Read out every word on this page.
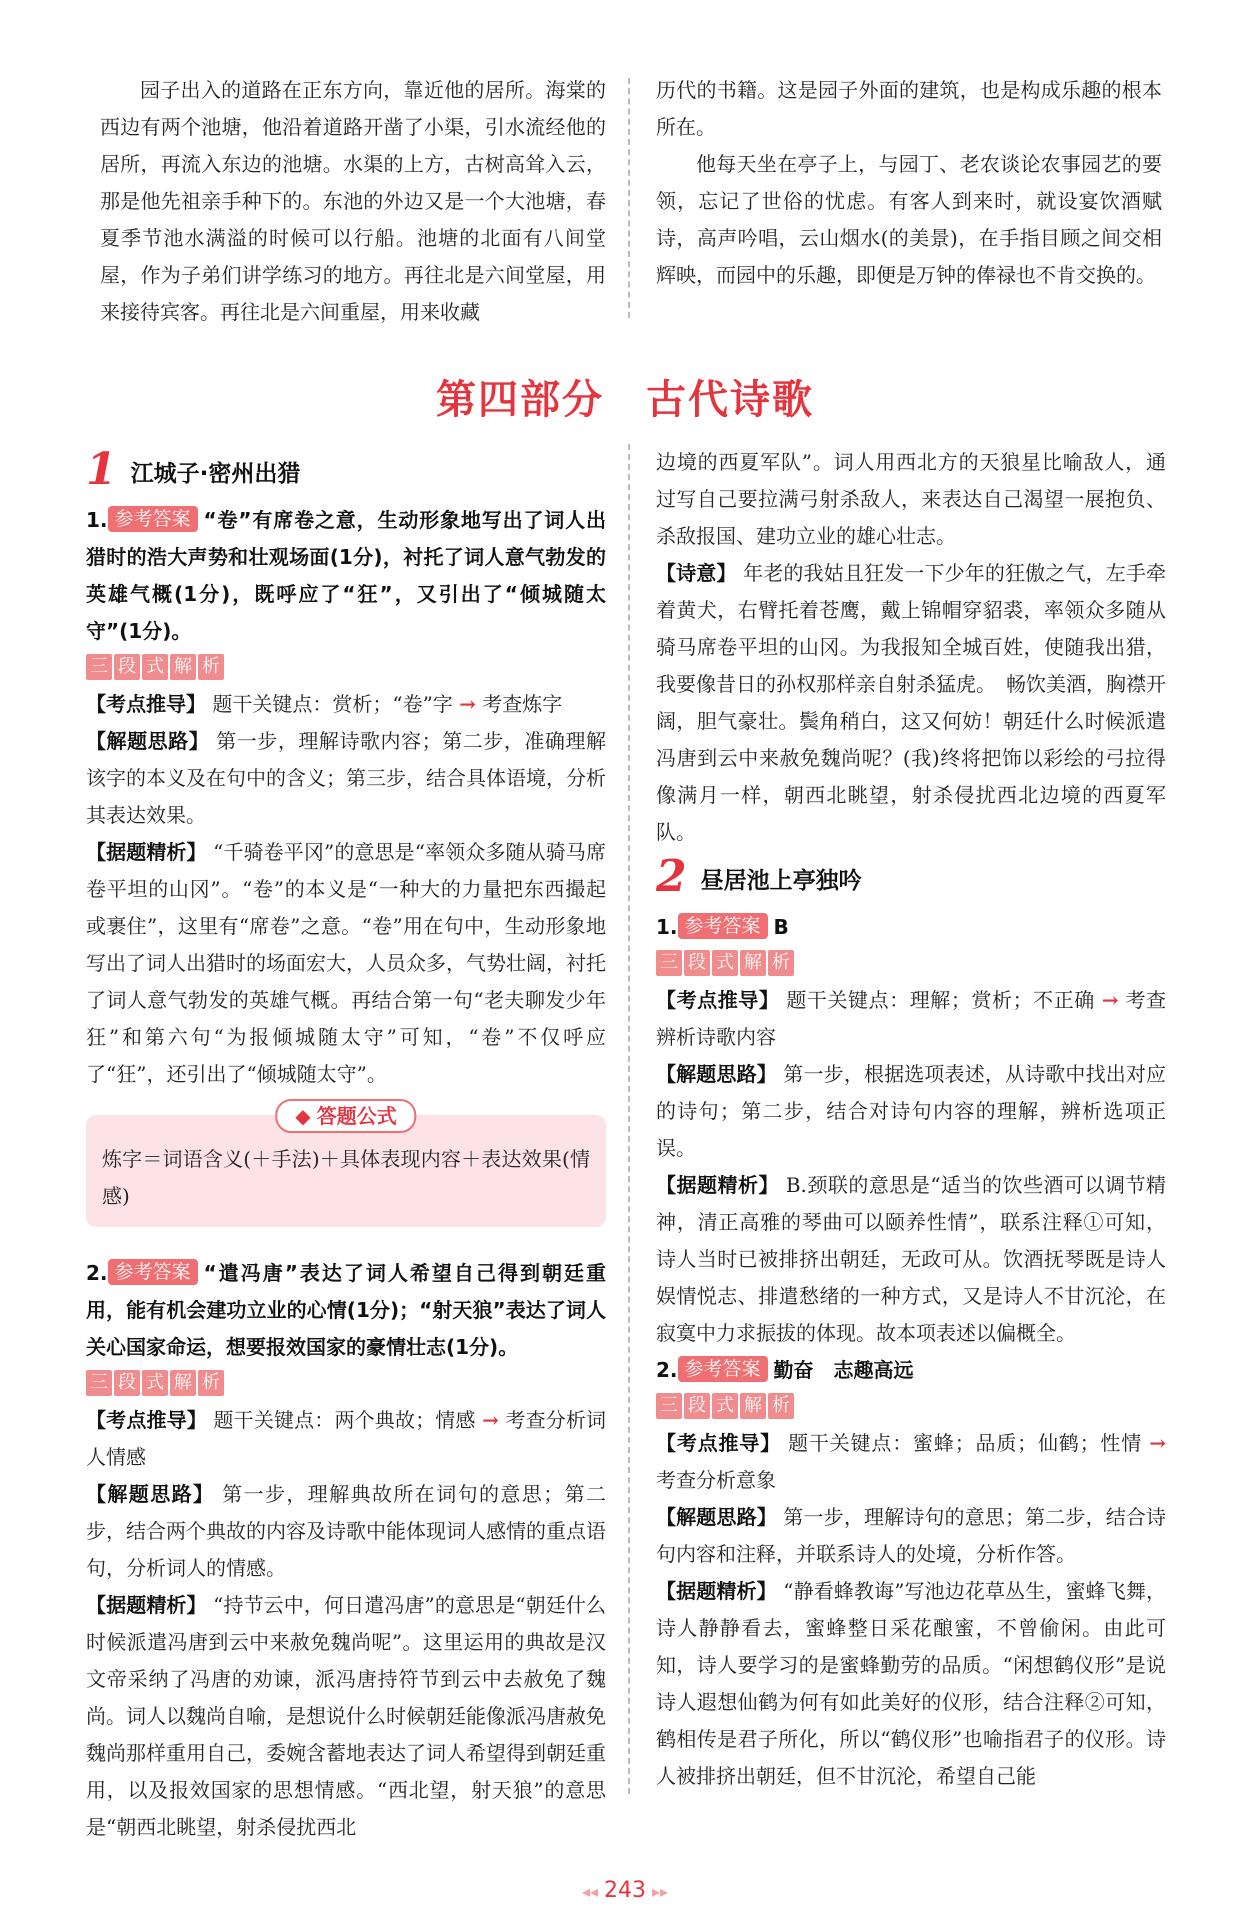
园子出入的道路在正东方向，靠近他的居所。海棠的西边有两个池塘，他沿着道路开凿了小渠，引水流经他的居所，再流入东边的池塘。水渠的上方，古树高耸入云，那是他先祖亲手种下的。东池的外边又是一个大池塘，春夏季节池水满溢的时候可以行船。池塘的北面有八间堂屋，作为子弟们讲学练习的地方。再往北是六间堂屋，用来接待宾客。再往北是六间重屋，用来收藏

历代的书籍。这是园子外面的建筑，也是构成乐趣的根本所在。

他每天坐在亭子上，与园丁、老农谈论农事园艺的要领，忘记了世俗的忧虑。有客人到来时，就设宴饮酒赋诗，高声吟唱，云山烟水(的美景)，在手指目顾之间交相辉映，而园中的乐趣，即便是万钟的俸禄也不肯交换的。

第四部分　古代诗歌
1 江城子·密州出猎
1. 参考答案 “卷”有席卷之意，生动形象地写出了词人出猎时的浩大声势和壮观场面(1分)，衬托了词人意气勃发的英雄气概(1分)，既呼应了“狂”，又引出了“倾城随太守”(1分)。
三 段 式 解 析

【考点推导】 题干关键点：赏析；“卷”字 → 考查炼字

【解题思路】 第一步，理解诗歌内容；第二步，准确理解该字的本义及在句中的含义；第三步，结合具体语境，分析其表达效果。

【据题精析】 “千骑卷平冈”的意思是“率领众多随从骑马席卷平坦的山冈”。“卷”的本义是“一种大的力量把东西撮起或裹住”，这里有“席卷”之意。“卷”用在句中，生动形象地写出了词人出猎时的场面宏大，人员众多，气势壮阔，衬托了词人意气勃发的英雄气概。再结合第一句“老夫聊发少年狂”和第六句“为报倾城随太守”可知，“卷”不仅呼应了“狂”，还引出了“倾城随太守”。

◆ 答题公式

炼字＝词语含义(＋手法)＋具体表现内容＋表达效果(情感)

2. 参考答案 “遣冯唐”表达了词人希望自己得到朝廷重用，能有机会建功立业的心情(1分)；“射天狼”表达了词人关心国家命运，想要报效国家的豪情壮志(1分)。
三 段 式 解 析

【考点推导】 题干关键点：两个典故；情感 → 考查分析词人情感

【解题思路】 第一步，理解典故所在词句的意思；第二步，结合两个典故的内容及诗歌中能体现词人感情的重点语句，分析词人的情感。

【据题精析】 “持节云中，何日遣冯唐”的意思是“朝廷什么时候派遣冯唐到云中来赦免魏尚呢”。这里运用的典故是汉文帝采纳了冯唐的劝谏，派冯唐持符节到云中去赦免了魏尚。词人以魏尚自喻，是想说什么时候朝廷能像派冯唐赦免魏尚那样重用自己，委婉含蓄地表达了词人希望得到朝廷重用，以及报效国家的思想情感。“西北望，射天狼”的意思是“朝西北眺望，射杀侵扰西北

边境的西夏军队”。词人用西北方的天狼星比喻敌人，通过写自己要拉满弓射杀敌人，来表达自己渴望一展抱负、杀敌报国、建功立业的雄心壮志。

【诗意】 年老的我姑且狂发一下少年的狂傲之气，左手牵着黄犬，右臂托着苍鹰，戴上锦帽穿貂裘，率领众多随从骑马席卷平坦的山冈。为我报知全城百姓，使随我出猎，我要像昔日的孙权那样亲自射杀猛虎。　畅饮美酒，胸襟开阔，胆气豪壮。鬓角稍白，这又何妨！朝廷什么时候派遣冯唐到云中来赦免魏尚呢？(我)终将把饰以彩绘的弓拉得像满月一样，朝西北眺望，射杀侵扰西北边境的西夏军队。

2 昼居池上亭独吟
1. 参考答案 B
三 段 式 解 析

【考点推导】 题干关键点：理解；赏析；不正确 → 考查辨析诗歌内容

【解题思路】 第一步，根据选项表述，从诗歌中找出对应的诗句；第二步，结合对诗句内容的理解，辨析选项正误。

【据题精析】 B.颈联的意思是“适当的饮些酒可以调节精神，清正高雅的琴曲可以颐养性情”，联系注释①可知，诗人当时已被排挤出朝廷，无政可从。饮酒抚琴既是诗人娱情悦志、排遣愁绪的一种方式，又是诗人不甘沉沦，在寂寞中力求振拔的体现。故本项表述以偏概全。

2. 参考答案 勤奋　志趣高远
三 段 式 解 析

【考点推导】 题干关键点：蜜蜂；品质；仙鹤；性情 → 考查分析意象

【解题思路】 第一步，理解诗句的意思；第二步，结合诗句内容和注释，并联系诗人的处境，分析作答。

【据题精析】 “静看蜂教诲”写池边花草丛生，蜜蜂飞舞，诗人静静看去，蜜蜂整日采花酿蜜，不曾偷闲。由此可知，诗人要学习的是蜜蜂勤劳的品质。“闲想鹤仪形”是说诗人遐想仙鹤为何有如此美好的仪形，结合注释②可知，鹤相传是君子所化，所以“鹤仪形”也喻指君子的仪形。诗人被排挤出朝廷，但不甘沉沦，希望自己能

◂◂ 243 ▸▸
